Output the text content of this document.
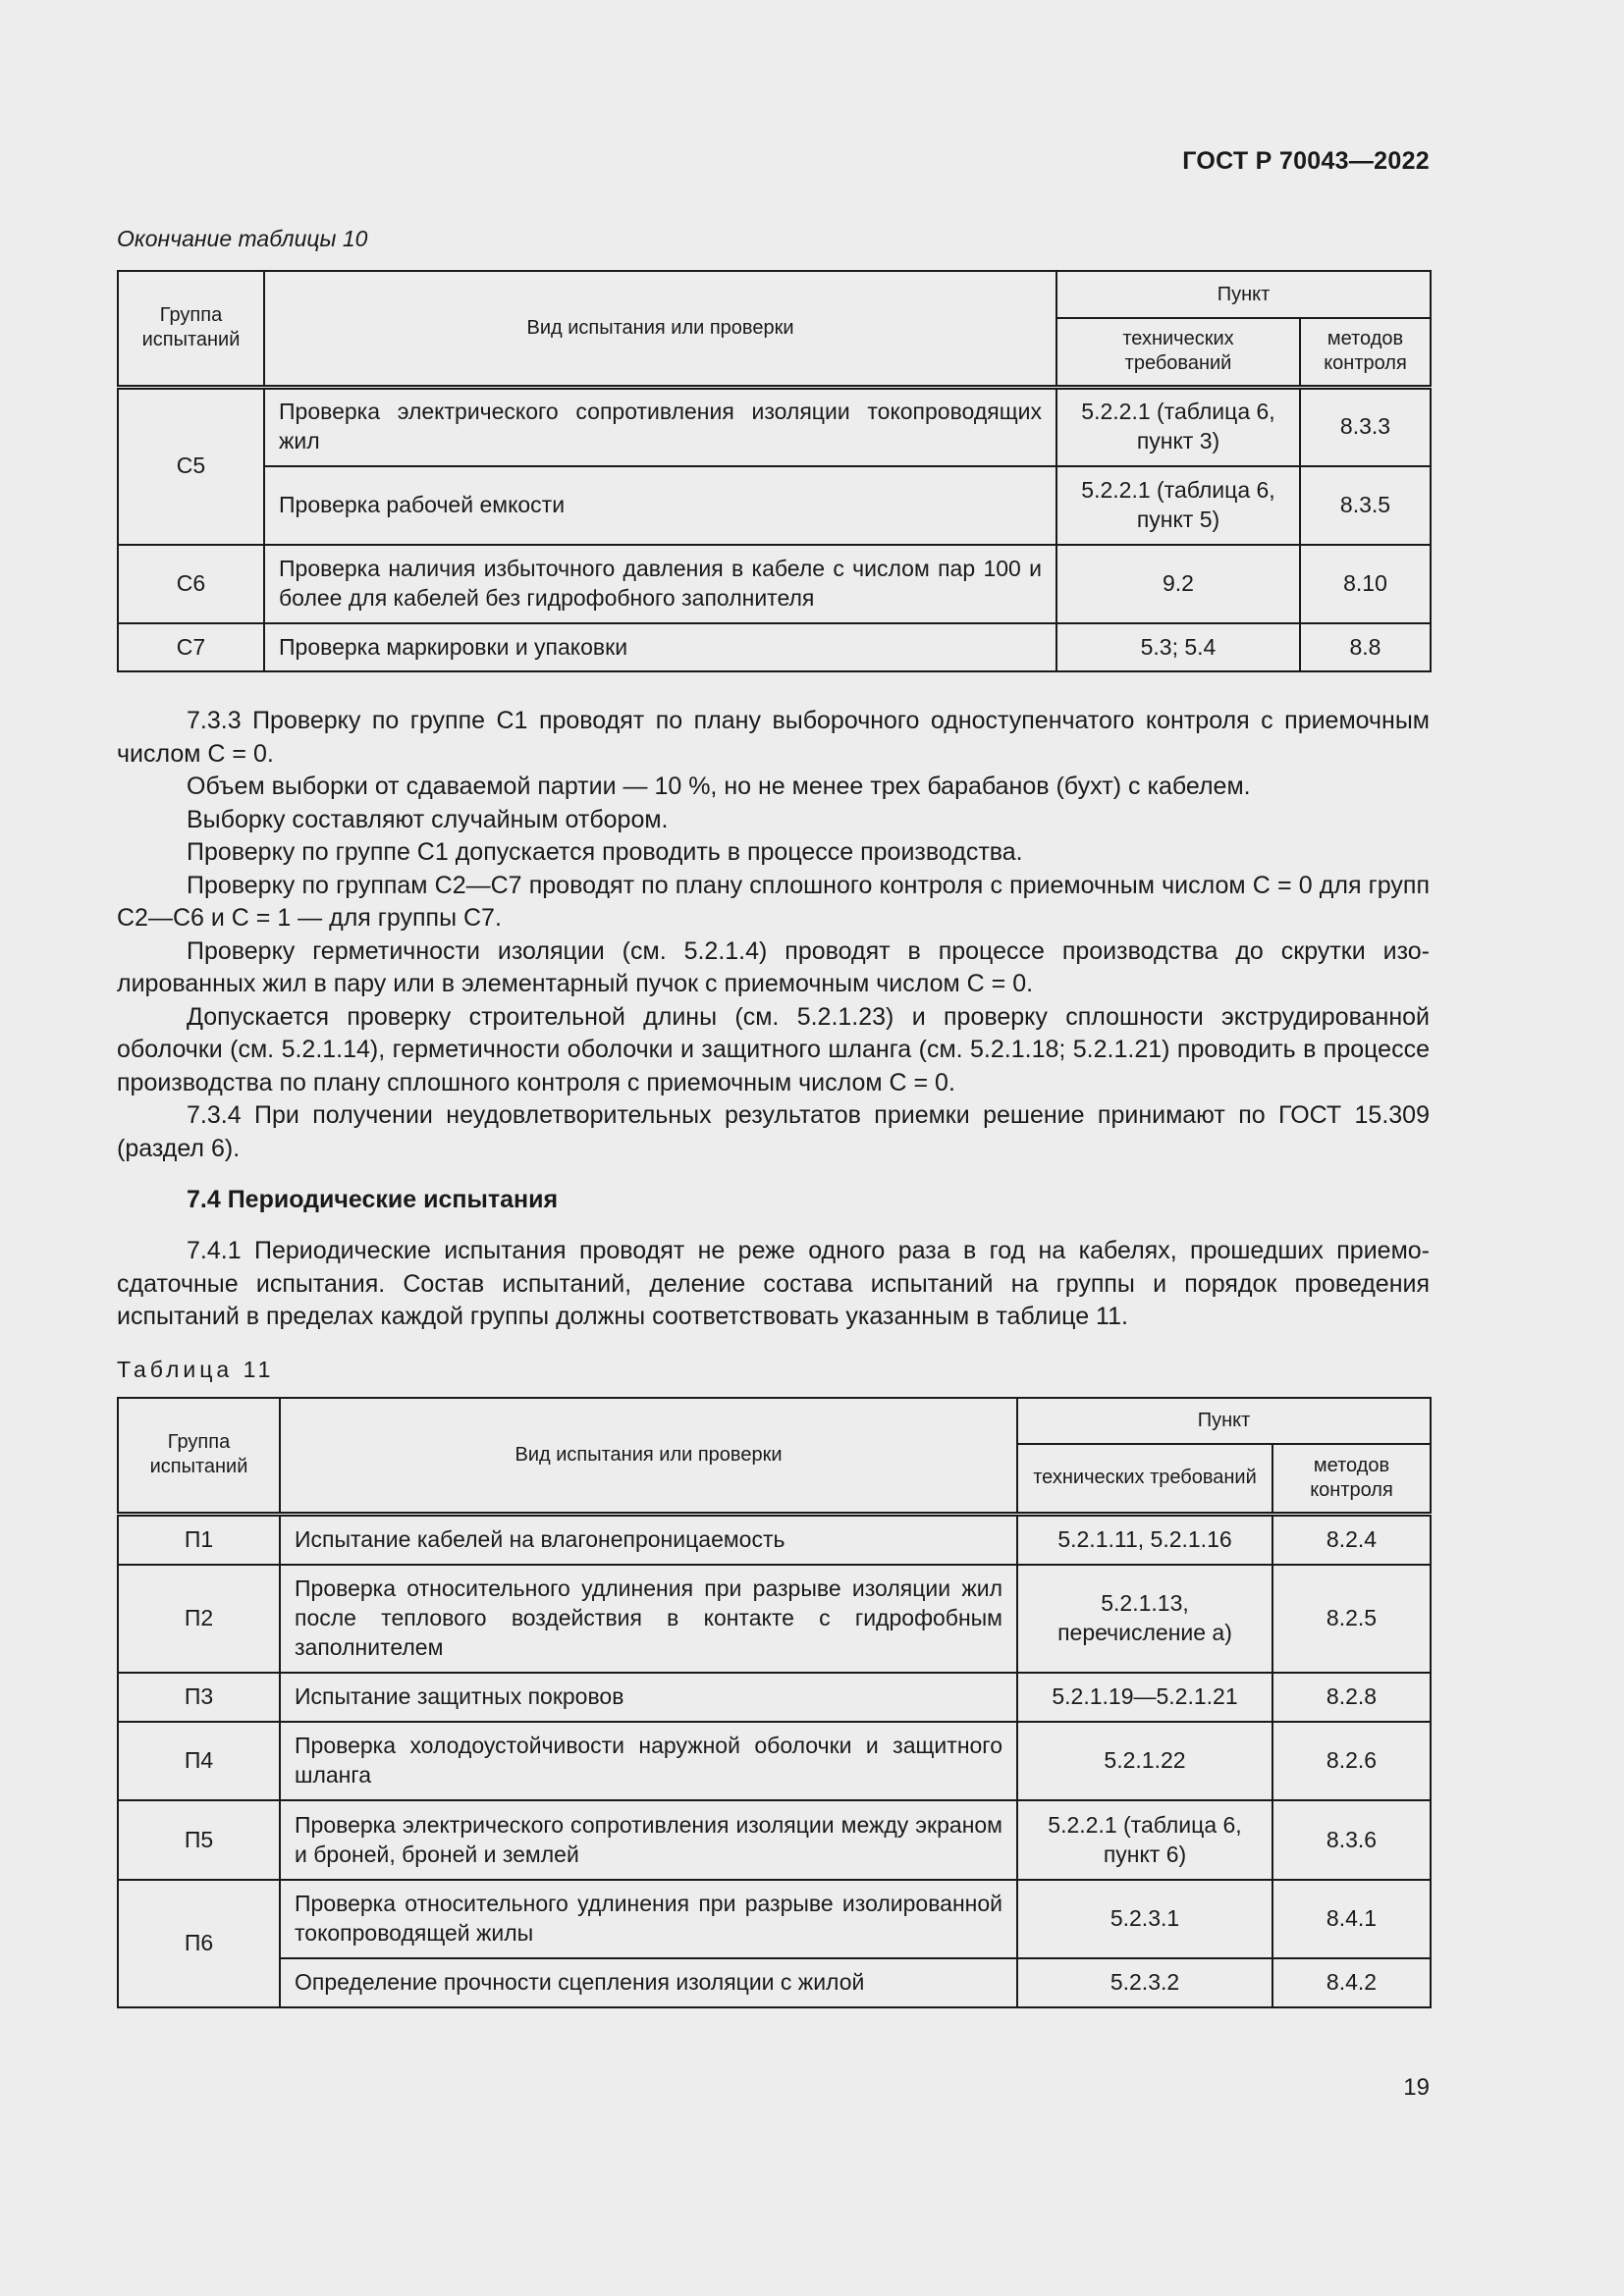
ГОСТ Р 70043—2022
Окончание таблицы 10
Группа испытаний	Вид испытания или проверки	Пункт	
		технических требований	методов контроля
С5	Проверка электрического сопротивления изоляции токопроводящих жил	5.2.2.1 (таблица 6, пункт 3)	8.3.3
	Проверка рабочей емкости	5.2.2.1 (таблица 6, пункт 5)	8.3.5
С6	Проверка наличия избыточного давления в кабеле с числом пар 100 и более для кабелей без гидрофобного заполнителя	9.2	8.10
С7	Проверка маркировки и упаковки	5.3; 5.4	8.8

7.3.3 Проверку по группе С1 проводят по плану выборочного одноступенчатого контроля с приемочным числом С = 0.

Объем выборки от сдаваемой партии — 10 %, но не менее трех барабанов (бухт) с кабелем.

Выборку составляют случайным отбором.

Проверку по группе С1 допускается проводить в процессе производства.

Проверку по группам С2—С7 проводят по плану сплошного контроля с приемочным числом С = 0 для групп С2—С6 и С = 1 — для группы С7.

Проверку герметичности изоляции (см. 5.2.1.4) проводят в процессе производства до скрутки изолированных жил в пару или в элементарный пучок с приемочным числом С = 0.

Допускается проверку строительной длины (см. 5.2.1.23) и проверку сплошности экструдированной оболочки (см. 5.2.1.14), герметичности оболочки и защитного шланга (см. 5.2.1.18; 5.2.1.21) проводить в процессе производства по плану сплошного контроля с приемочным числом С = 0.

7.3.4 При получении неудовлетворительных результатов приемки решение принимают по ГОСТ 15.309 (раздел 6).

7.4 Периодические испытания

7.4.1 Периодические испытания проводят не реже одного раза в год на кабелях, прошедших приемо-сдаточные испытания. Состав испытаний, деление состава испытаний на группы и порядок проведения испытаний в пределах каждой группы должны соответствовать указанным в таблице 11.

Таблица 11
Группа испытаний	Вид испытания или проверки	Пункт	
		технических требований	методов контроля
П1	Испытание кабелей на влагонепроницаемость	5.2.1.11, 5.2.1.16	8.2.4
П2	Проверка относительного удлинения при разрыве изоляции жил после теплового воздействия в контакте с гидрофобным заполнителем	5.2.1.13, перечисление а)	8.2.5
П3	Испытание защитных покровов	5.2.1.19—5.2.1.21	8.2.8
П4	Проверка холодоустойчивости наружной оболочки и защитного шланга	5.2.1.22	8.2.6
П5	Проверка электрического сопротивления изоляции между экраном и броней, броней и землей	5.2.2.1 (таблица 6, пункт 6)	8.3.6
П6	Проверка относительного удлинения при разрыве изолированной токопроводящей жилы	5.2.3.1	8.4.1
	Определение прочности сцепления изоляции с жилой	5.2.3.2	8.4.2
19
